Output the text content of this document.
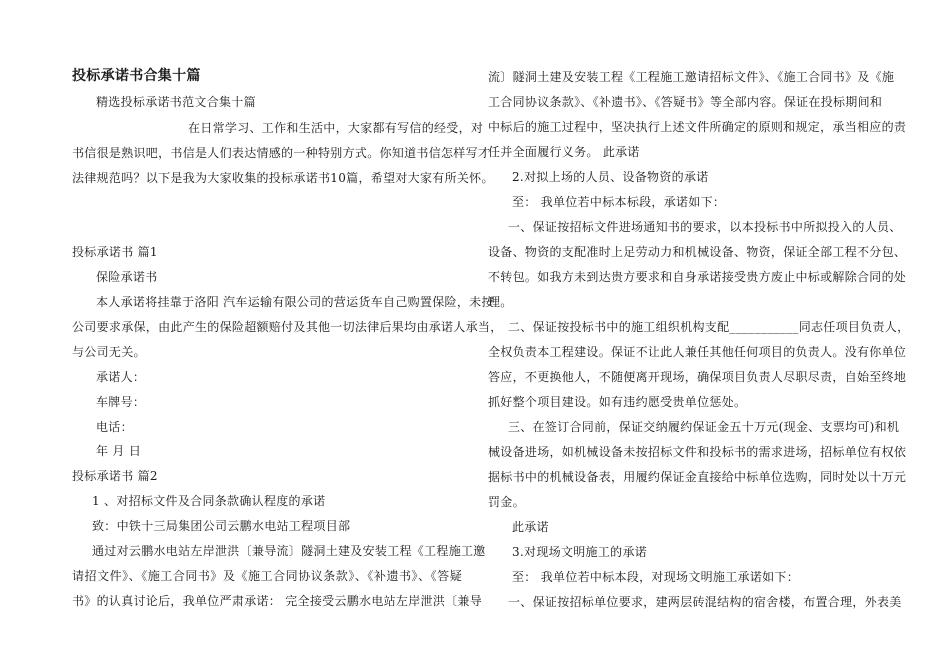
投标承诺书合集十篇
精选投标承诺书范文合集十篇
在日常学习、工作和生活中，大家都有写信的经受，对
书信很是熟识吧，书信是人们表达情感的一种特别方式。你知道书信怎样写才
法律规范吗？以下是我为大家收集的投标承诺书10篇，希望对大家有所关怀。
投标承诺书 篇1
保险承诺书
本人承诺将挂靠于洛阳 汽车运输有限公司的营运货车自己购置保险，未按
公司要求承保，由此产生的保险超额赔付及其他一切法律后果均由承诺人承当，
与公司无关。
承诺人：
车牌号：
电话：
年 月 日
投标承诺书 篇2
1 、对招标文件及合同条款确认程度的承诺
致：中铁十三局集团公司云鹏水电站工程项目部
通过对云鹏水电站左岸泄洪〔兼导流〕隧洞土建及安装工程《工程施工邀
请招文件》、《施工合同书》及《施工合同协议条款》、《补遗书》、《答疑
书》的认真讨论后，我单位严肃承诺： 完全接受云鹏水电站左岸泄洪〔兼导
流〕隧洞土建及安装工程《工程施工邀请招标文件》、《施工合同书》及《施
工合同协议条款》、《补遗书》、《答疑书》等全部内容。保证在投标期间和
中标后的施工过程中，坚决执行上述文件所确定的原则和规定，承当相应的责
任并全面履行义务。 此承诺
2.对拟上场的人员、设备物资的承诺
至： 我单位若中标本标段，承诺如下：
一、保证按招标文件进场通知书的要求，以本投标书中所拟投入的人员、
设备、物资的支配准时上足劳动力和机械设备、物资，保证全部工程不分包、
不转包。如我方未到达贵方要求和自身承诺接受贵方废止中标或解除合同的处
理。
二、保证按投标书中的施工组织机构支配___________同志任项目负责人，
全权负责本工程建设。保证不让此人兼任其他任何项目的负责人。没有你单位
答应，不更换他人，不随便离开现场，确保项目负责人尽职尽责，自始至终地
抓好整个项目建设。如有违约愿受贵单位惩处。
三、在签订合同前，保证交纳履约保证金五十万元(现金、支票均可)和机
械设备进场，如机械设备未按招标文件和投标书的需求进场，招标单位有权依
据标书中的机械设备表，用履约保证金直接给中标单位选购，同时处以十万元
罚金。
此承诺
3.对现场文明施工的承诺
至： 我单位若中标本段，对现场文明施工承诺如下：
一、保证按招标单位要求，建两层砖混结构的宿舍楼，布置合理，外表美
